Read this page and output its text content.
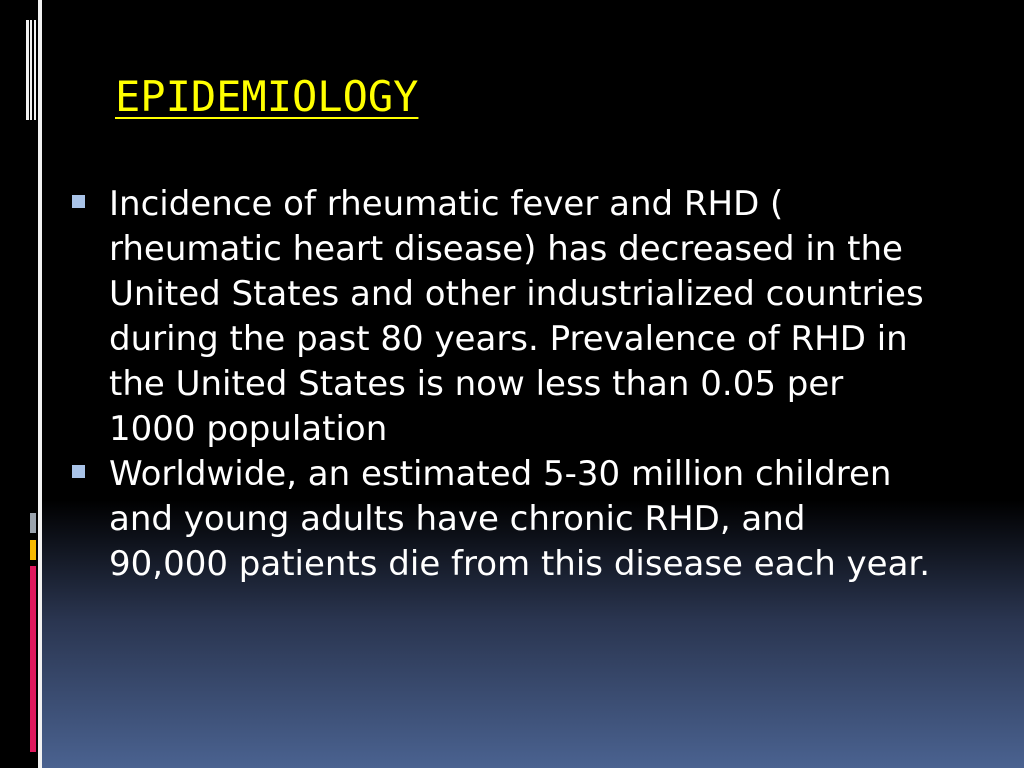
EPIDEMIOLOGY
Incidence of rheumatic fever and RHD ( rheumatic heart disease) has decreased in the United States and other industrialized countries during the past 80 years. Prevalence of RHD in the United States is now less than 0.05 per 1000 population
Worldwide, an estimated 5-30 million children and young adults have chronic RHD, and 90,000 patients die from this disease each year.
